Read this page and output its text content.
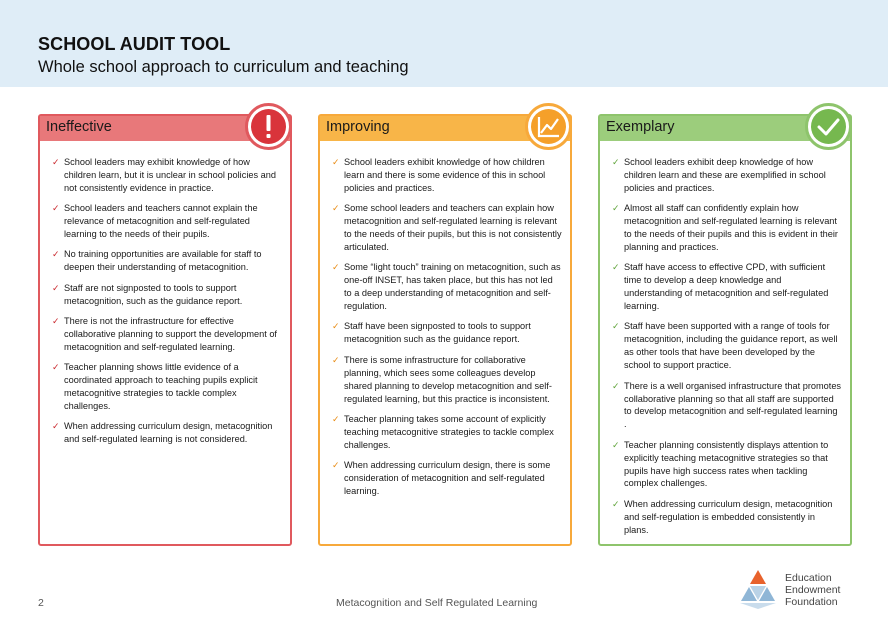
SCHOOL AUDIT TOOL
Whole school approach to curriculum and teaching
Ineffective
✓ School leaders may exhibit knowledge of how children learn, but it is unclear in school policies and not consistently evidence in practice.
✓ School leaders and teachers cannot explain the relevance of metacognition and self-regulated learning to the needs of their pupils.
✓ No training opportunities are available for staff to deepen their understanding of metacognition.
✓ Staff are not signposted to tools to support metacognition, such as the guidance report.
✓ There is not the infrastructure for effective collaborative planning to support the development of metacognition and self-regulated learning.
✓ Teacher planning shows little evidence of a coordinated approach to teaching pupils explicit metacognitive strategies to tackle complex challenges.
✓ When addressing curriculum design, metacognition and self-regulated learning is not considered.
Improving
✓ School leaders exhibit knowledge of how children learn and there is some evidence of this in school policies and practices.
✓ Some school leaders and teachers can explain how metacognition and self-regulated learning is relevant to the needs of their pupils, but this is not consistently articulated.
✓ Some “light touch” training on metacognition, such as one-off INSET, has taken place, but this has not led to a deep understanding of metacognition and self-regulation.
✓ Staff have been signposted to tools to support metacognition such as the guidance report.
✓ There is some infrastructure for collaborative planning, which sees some colleagues develop shared planning to develop metacognition and self-regulated learning, but this practice is inconsistent.
✓ Teacher planning takes some account of explicitly teaching metacognitive strategies to tackle complex challenges.
✓ When addressing curriculum design, there is some consideration of metacognition and self-regulated learning.
Exemplary
✓ School leaders exhibit deep knowledge of how children learn and these are exemplified in school policies and practices.
✓ Almost all staff can confidently explain how metacognition and self-regulated learning is relevant to the needs of their pupils and this is evident in their planning and practices.
✓ Staff have access to effective CPD, with sufficient time to develop a deep knowledge and understanding of metacognition and self-regulated learning.
✓ Staff have been supported with a range of tools for metacognition, including the guidance report, as well as other tools that have been developed by the school to support practice.
✓ There is a well organised infrastructure that promotes collaborative planning so that all staff are supported to develop metacognition and self-regulated learning .
✓ Teacher planning consistently displays attention to explicitly teaching metacognitive strategies so that pupils have high success rates when tackling complex challenges.
✓ When addressing curriculum design, metacognition and self-regulation is embedded consistently in plans.
2	Metacognition and Self Regulated Learning
Education
Endowment
Foundation
